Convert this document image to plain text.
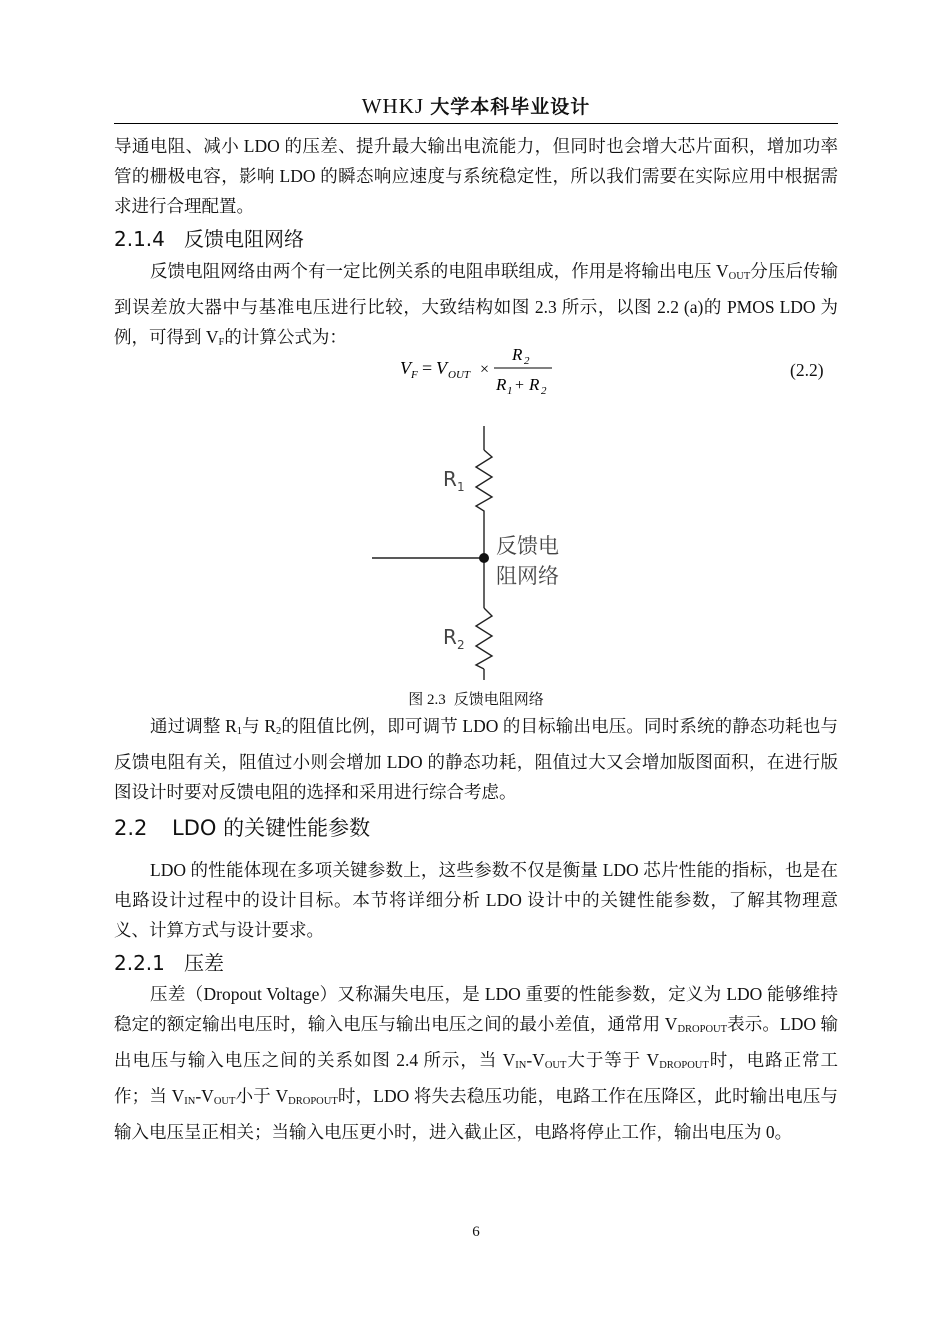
WHKJ 大学本科毕业设计

导通电阻、减小 LDO 的压差、提升最大输出电流能力，但同时也会增大芯片面积，增加功率管的栅极电容，影响 LDO 的瞬态响应速度与系统稳定性，所以我们需要在实际应用中根据需求进行合理配置。

2.1.4 反馈电阻网络

反馈电阻网络由两个有一定比例关系的电阻串联组成，作用是将输出电压 VOUT分压后传输到误差放大器中与基准电压进行比较，大致结构如图 2.3 所示，以图 2.2 (a)的 PMOS LDO 为例，可得到 VF的计算公式为：

V F = V OUT ×
R 2
R 1 + R 2
(2.2)
R 1
R 2
反馈电
阻网络
图 2.3 反馈电阻网络

通过调整 R1与 R2的阻值比例，即可调节 LDO 的目标输出电压。同时系统的静态功耗也与反馈电阻有关，阻值过小则会增加 LDO 的静态功耗，阻值过大又会增加版图面积，在进行版图设计时要对反馈电阻的选择和采用进行综合考虑。

2.2 LDO 的关键性能参数

LDO 的性能体现在多项关键参数上，这些参数不仅是衡量 LDO 芯片性能的指标，也是在电路设计过程中的设计目标。本节将详细分析 LDO 设计中的关键性能参数，了解其物理意义、计算方式与设计要求。

2.2.1 压差

压差（Dropout Voltage）又称漏失电压，是 LDO 重要的性能参数，定义为 LDO 能够维持稳定的额定输出电压时，输入电压与输出电压之间的最小差值，通常用 VDROPOUT表示。LDO 输出电压与输入电压之间的关系如图 2.4 所示，当 VIN-VOUT大于等于 VDROPOUT时，电路正常工作；当 VIN-VOUT小于 VDROPOUT时，LDO 将失去稳压功能，电路工作在压降区，此时输出电压与输入电压呈正相关；当输入电压更小时，进入截止区，电路将停止工作，输出电压为 0。

6
